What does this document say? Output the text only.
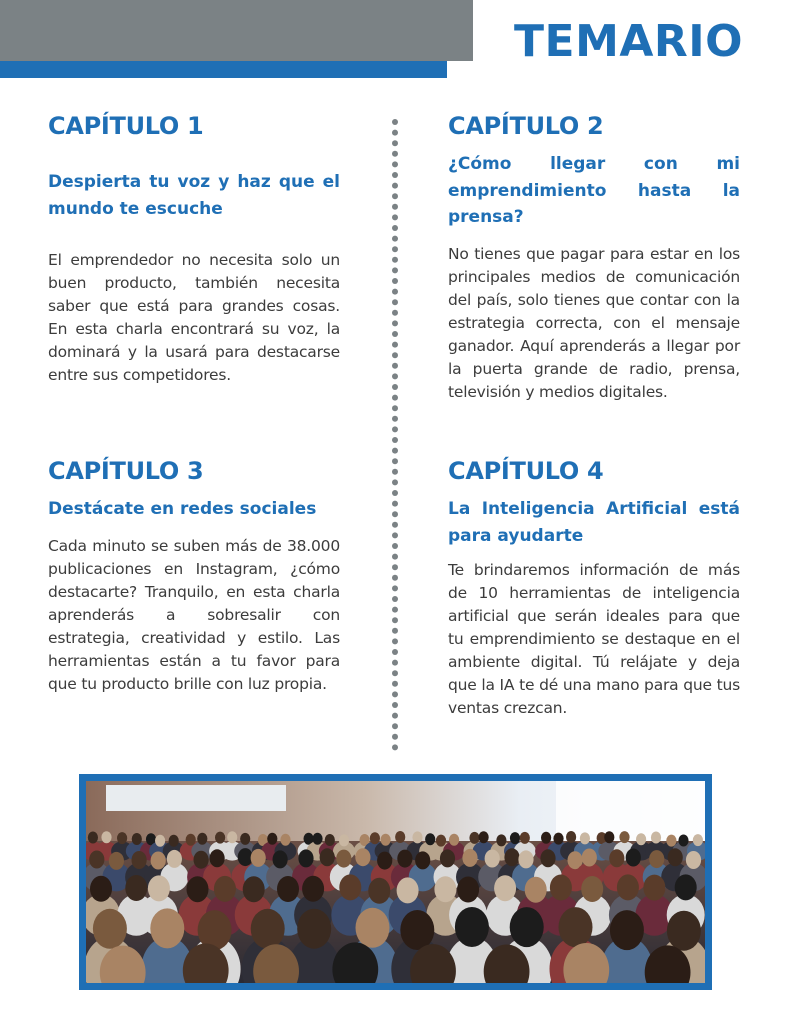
TEMARIO
CAPÍTULO 1
Despierta tu voz y haz que el mundo te escuche

El emprendedor no necesita solo un buen producto, también necesita saber que está para grandes cosas. En esta charla encontrará su voz, la dominará y la usará para destacarse entre sus competidores.

CAPÍTULO 2
¿Cómo llegar con mi emprendimiento hasta la prensa?

No tienes que pagar para estar en los principales medios de comunicación del país, solo tienes que contar con la estrategia correcta, con el mensaje ganador. Aquí aprenderás a llegar por la puerta grande de radio, prensa, televisión y medios digitales.

CAPÍTULO 3
Destácate en redes sociales

Cada minuto se suben más de 38.000 publicaciones en Instagram, ¿cómo destacarte? Tranquilo, en esta charla aprenderás a sobresalir con estrategia, creatividad y estilo. Las herramientas están a tu favor para que tu producto brille con luz propia.

CAPÍTULO 4
La Inteligencia Artificial está para ayudarte

Te brindaremos información de más de 10 herramientas de inteligencia artificial que serán ideales para que tu emprendimiento se destaque en el ambiente digital. Tú relájate y deja que la IA te dé una mano para que tus ventas crezcan.
